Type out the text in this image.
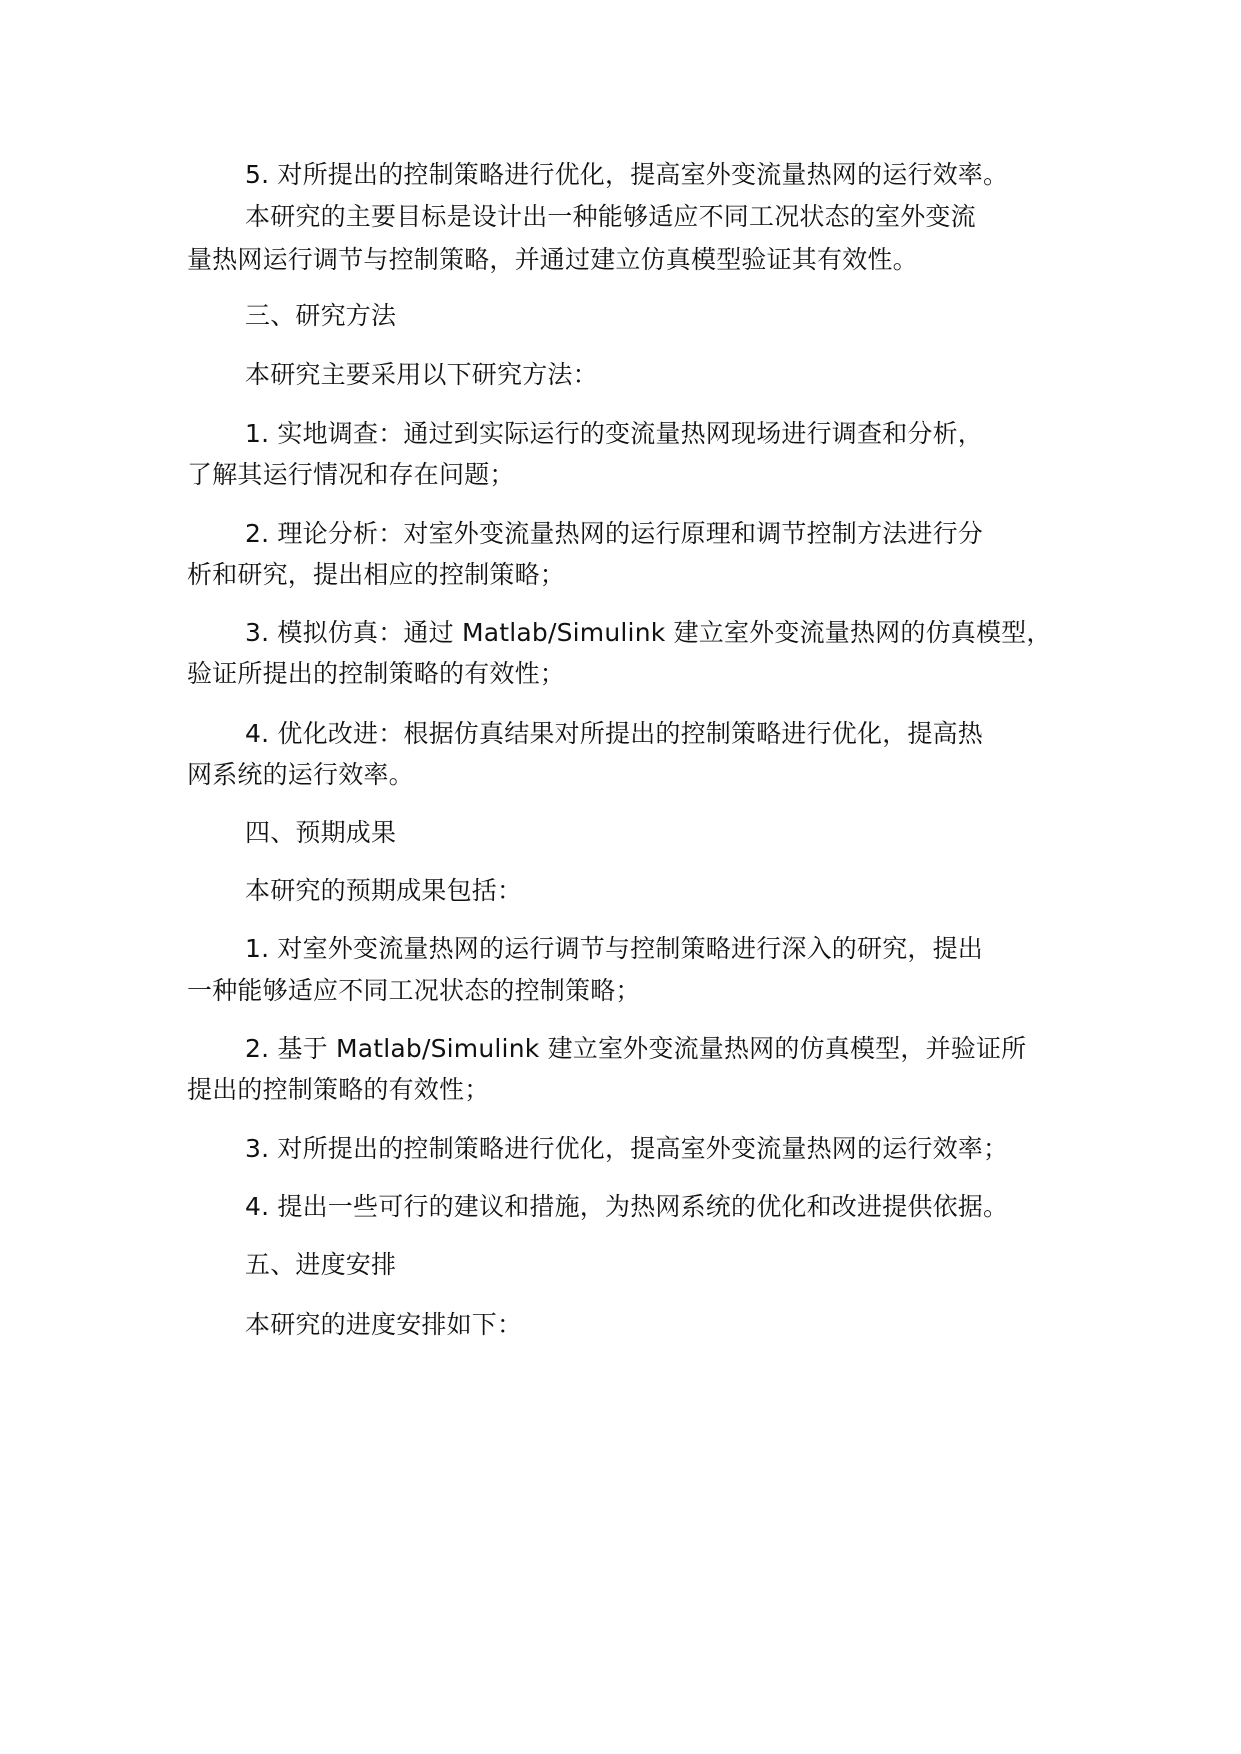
5. 对所提出的控制策略进行优化，提高室外变流量热网的运行效率。
本研究的主要目标是设计出一种能够适应不同工况状态的室外变流
量热网运行调节与控制策略，并通过建立仿真模型验证其有效性。
三、研究方法
本研究主要采用以下研究方法：
1. 实地调查：通过到实际运行的变流量热网现场进行调查和分析，
了解其运行情况和存在问题；
2. 理论分析：对室外变流量热网的运行原理和调节控制方法进行分
析和研究，提出相应的控制策略；
3. 模拟仿真：通过 Matlab/Simulink 建立室外变流量热网的仿真模型，
验证所提出的控制策略的有效性；
4. 优化改进：根据仿真结果对所提出的控制策略进行优化，提高热
网系统的运行效率。
四、预期成果
本研究的预期成果包括：
1. 对室外变流量热网的运行调节与控制策略进行深入的研究，提出
一种能够适应不同工况状态的控制策略；
2. 基于 Matlab/Simulink 建立室外变流量热网的仿真模型，并验证所
提出的控制策略的有效性；
3. 对所提出的控制策略进行优化，提高室外变流量热网的运行效率；
4. 提出一些可行的建议和措施，为热网系统的优化和改进提供依据。
五、进度安排
本研究的进度安排如下：
